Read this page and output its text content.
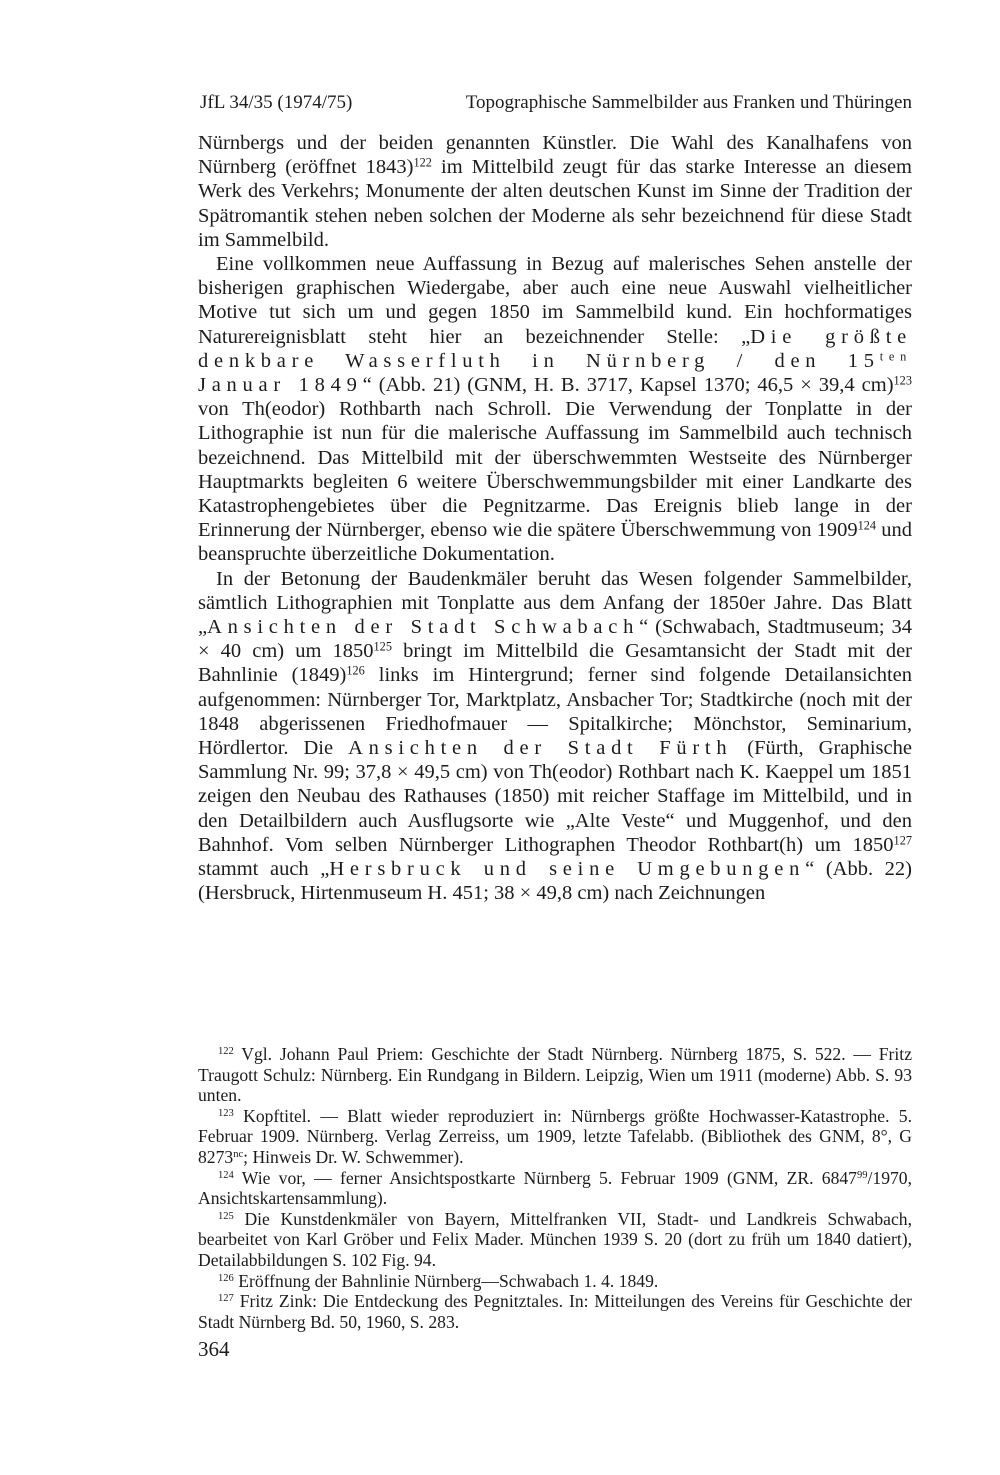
JfL 34/35 (1974/75)	Topographische Sammelbilder aus Franken und Thüringen

Nürnbergs und der beiden genannten Künstler. Die Wahl des Kanalhafens von Nürnberg (eröffnet 1843)$^{122}$ im Mittelbild zeugt für das starke Interesse an diesem Werk des Verkehrs; Monumente der alten deutschen Kunst im Sinne der Tradition der Spätromantik stehen neben solchen der Moderne als sehr bezeichnend für diese Stadt im Sammelbild.

Eine vollkommen neue Auffassung in Bezug auf malerisches Sehen anstelle der bisherigen graphischen Wiedergabe, aber auch eine neue Auswahl vielheitlicher Motive tut sich um und gegen 1850 im Sammelbild kund. Ein hochformatiges Naturereignisblatt steht hier an bezeichnender Stelle: „Die größte denkbare Wasserfluth in Nürnberg / den $15^{ten}$ Januar 1849“ (Abb. 21) (GNM, H. B. 3717, Kapsel 1370; 46,5 × 39,4 cm)$^{123}$ von Th(eodor) Rothbarth nach Schroll. Die Verwendung der Tonplatte in der Lithographie ist nun für die malerische Auffassung im Sammelbild auch technisch bezeichnend. Das Mittelbild mit der überschwemmten Westseite des Nürnberger Hauptmarkts begleiten 6 weitere Überschwemmungsbilder mit einer Landkarte des Katastrophengebietes über die Pegnitzarme. Das Ereignis blieb lange in der Erinnerung der Nürnberger, ebenso wie die spätere Überschwemmung von 1909$^{124}$ und beanspruchte überzeitliche Dokumentation.

In der Betonung der Baudenkmäler beruht das Wesen folgender Sammelbilder, sämtlich Lithographien mit Tonplatte aus dem Anfang der 1850er Jahre. Das Blatt „Ansichten der Stadt Schwabach“ (Schwabach, Stadtmuseum; 34 × 40 cm) um 1850$^{125}$ bringt im Mittelbild die Gesamtansicht der Stadt mit der Bahnlinie $(1849)^{126}$ links im Hintergrund; ferner sind folgende Detailansichten aufgenommen: Nürnberger Tor, Marktplatz, Ansbacher Tor; Stadtkirche (noch mit der 1848 abgerissenen Friedhofmauer — Spitalkirche; Mönchstor, Seminarium, Hördlertor. Die Ansichten der Stadt Fürth (Fürth, Graphische Sammlung Nr. 99; 37,8 × 49,5 cm) von Th(eodor) Rothbart nach K. Kaeppel um 1851 zeigen den Neubau des Rathauses (1850) mit reicher Staffage im Mittelbild, und in den Detailbildern auch Ausflugsorte wie „Alte Veste“ und Muggenhof, und den Bahnhof. Vom selben Nürnberger Lithographen Theodor Rothbart(h) um 1850$^{127}$ stammt auch „Hersbruck und seine Umgebungen“ (Abb. 22) (Hersbruck, Hirtenmuseum H. 451; 38 × 49,8 cm) nach Zeichnungen

$^{122}$ Vgl. Johann Paul Priem: Geschichte der Stadt Nürnberg. Nürnberg 1875, S. 522. — Fritz Traugott Schulz: Nürnberg. Ein Rundgang in Bildern. Leipzig, Wien um 1911 (moderne) Abb. S. 93 unten.

$^{123}$ Kopftitel. — Blatt wieder reproduziert in: Nürnbergs größte Hochwasser-Katastrophe. 5. Februar 1909. Nürnberg. Verlag Zerreiss, um 1909, letzte Tafelabb. (Bibliothek des GNM, 8°, G $8273^{nc}$; Hinweis Dr. W. Schwemmer).

$^{124}$ Wie vor, — ferner Ansichtspostkarte Nürnberg 5. Februar 1909 (GNM, ZR. 6847$^{99}$/1970, Ansichtskartensammlung).

$^{125}$ Die Kunstdenkmäler von Bayern, Mittelfranken VII, Stadt- und Landkreis Schwabach, bearbeitet von Karl Gröber und Felix Mader. München 1939 S. 20 (dort zu früh um 1840 datiert), Detailabbildungen S. 102 Fig. 94.

$^{126}$ Eröffnung der Bahnlinie Nürnberg—Schwabach 1. 4. 1849.

$^{127}$ Fritz Zink: Die Entdeckung des Pegnitztales. In: Mitteilungen des Vereins für Geschichte der Stadt Nürnberg Bd. 50, 1960, S. 283.

364
